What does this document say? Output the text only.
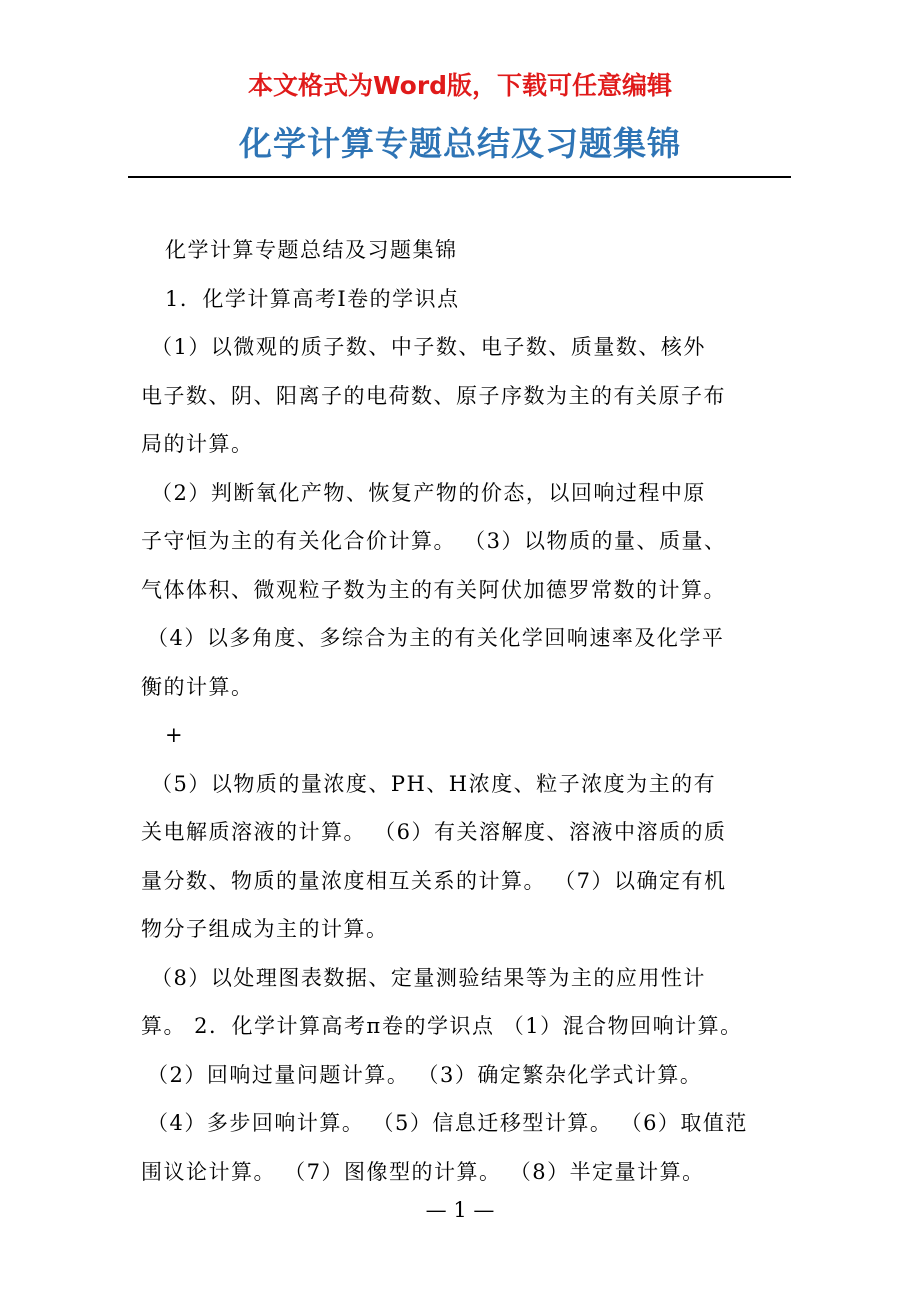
本文格式为Word版，下载可任意编辑
化学计算专题总结及习题集锦

化学计算专题总结及习题集锦

1．化学计算高考Ⅰ卷的学识点

（1）以微观的质子数、中子数、电子数、质量数、核外

电子数、阴、阳离子的电荷数、原子序数为主的有关原子布

局的计算。

（2）判断氧化产物、恢复产物的价态，以回响过程中原

子守恒为主的有关化合价计算。 （3）以物质的量、质量、

气体体积、微观粒子数为主的有关阿伏加德罗常数的计算。

（4）以多角度、多综合为主的有关化学回响速率及化学平

衡的计算。

+

（5）以物质的量浓度、PH、H浓度、粒子浓度为主的有

关电解质溶液的计算。 （6）有关溶解度、溶液中溶质的质

量分数、物质的量浓度相互关系的计算。 （7）以确定有机

物分子组成为主的计算。

（8）以处理图表数据、定量测验结果等为主的应用性计

算。 2．化学计算高考п卷的学识点 （1）混合物回响计算。

（2）回响过量问题计算。 （3）确定繁杂化学式计算。

（4）多步回响计算。 （5）信息迁移型计算。 （6）取值范

围议论计算。 （7）图像型的计算。 （8）半定量计算。

— 1 —
